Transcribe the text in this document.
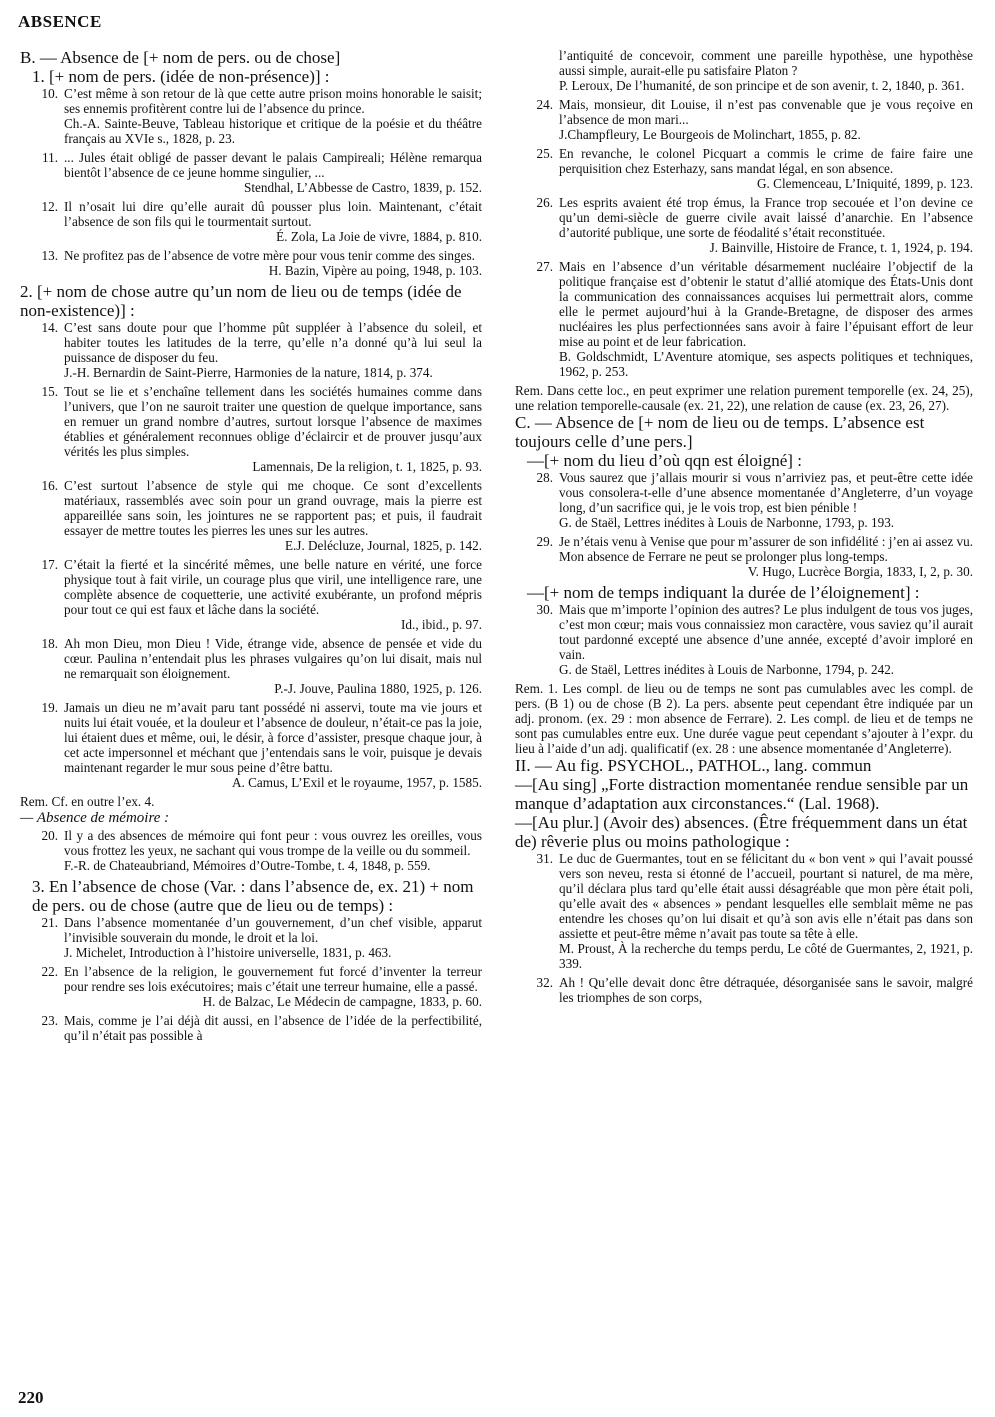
ABSENCE

B. — Absence de [+ nom de pers. ou de chose]

1. [+ nom de pers. (idée de non-présence)] :

10. C’est même à son retour de là que cette autre prison moins honorable le saisit; ses ennemis profitèrent contre lui de l’absence du prince.
Ch.-A. Sainte-Beuve, Tableau historique et critique de la poésie et du théâtre français au XVIe s., 1828, p. 23.
11. ... Jules était obligé de passer devant le palais Campireali; Hélène remarqua bientôt l’absence de ce jeune homme singulier, ...
Stendhal, L’Abbesse de Castro, 1839, p. 152.
12. Il n’osait lui dire qu’elle aurait dû pousser plus loin. Maintenant, c’était l’absence de son fils qui le tourmentait surtout.
É. Zola, La Joie de vivre, 1884, p. 810.
13. Ne profitez pas de l’absence de votre mère pour vous tenir comme des singes.
H. Bazin, Vipère au poing, 1948, p. 103.

2. [+ nom de chose autre qu’un nom de lieu ou de temps (idée de non-existence)] :

14. C’est sans doute pour que l’homme pût suppléer à l’absence du soleil, et habiter toutes les latitudes de la terre, qu’elle n’a donné qu’à lui seul la puissance de disposer du feu.
J.-H. Bernardin de Saint-Pierre, Harmonies de la nature, 1814, p. 374.
15. Tout se lie et s’enchaîne tellement dans les sociétés humaines comme dans l’univers, que l’on ne sauroit traiter une question de quelque importance, sans en remuer un grand nombre d’autres, surtout lorsque l’absence de maximes établies et généralement reconnues oblige d’éclaircir et de prouver jusqu’aux vérités les plus simples.
Lamennais, De la religion, t. 1, 1825, p. 93.
16. C’est surtout l’absence de style qui me choque. Ce sont d’excellents matériaux, rassemblés avec soin pour un grand ouvrage, mais la pierre est appareillée sans soin, les jointures ne se rapportent pas; et puis, il faudrait essayer de mettre toutes les pierres les unes sur les autres.
E.J. Delécluze, Journal, 1825, p. 142.
17. C’était la fierté et la sincérité mêmes, une belle nature en vérité, une force physique tout à fait virile, un courage plus que viril, une intelligence rare, une complète absence de coquetterie, une activité exubérante, un profond mépris pour tout ce qui est faux et lâche dans la société.
Id., ibid., p. 97.
18. Ah mon Dieu, mon Dieu ! Vide, étrange vide, absence de pensée et vide du cœur. Paulina n’entendait plus les phrases vulgaires qu’on lui disait, mais nul ne remarquait son éloignement.
P.-J. Jouve, Paulina 1880, 1925, p. 126.
19. Jamais un dieu ne m’avait paru tant possédé ni asservi, toute ma vie jours et nuits lui était vouée, et la douleur et l’absence de douleur, n’était-ce pas la joie, lui étaient dues et même, oui, le désir, à force d’assister, presque chaque jour, à cet acte impersonnel et méchant que j’entendais sans le voir, puisque je devais maintenant regarder le mur sous peine d’être battu.
A. Camus, L’Exil et le royaume, 1957, p. 1585.

Rem. Cf. en outre l’ex. 4.

— Absence de mémoire :

20. Il y a des absences de mémoire qui font peur : vous ouvrez les oreilles, vous vous frottez les yeux, ne sachant qui vous trompe de la veille ou du sommeil.
F.-R. de Chateaubriand, Mémoires d’Outre-Tombe, t. 4, 1848, p. 559.

3. En l’absence de chose (Var. : dans l’absence de, ex. 21) + nom de pers. ou de chose (autre que de lieu ou de temps) :

21. Dans l’absence momentanée d’un gouvernement, d’un chef visible, apparut l’invisible souverain du monde, le droit et la loi.
J. Michelet, Introduction à l’histoire universelle, 1831, p. 463.
22. En l’absence de la religion, le gouvernement fut forcé d’inventer la terreur pour rendre ses lois exécutoires; mais c’était une terreur humaine, elle a passé.
H. de Balzac, Le Médecin de campagne, 1833, p. 60.
23. Mais, comme je l’ai déjà dit aussi, en l’absence de l’idée de la perfectibilité, qu’il n’était pas possible à
l’antiquité de concevoir, comment une pareille hypothèse, une hypothèse aussi simple, aurait-elle pu satisfaire Platon ?
P. Leroux, De l’humanité, de son principe et de son avenir, t. 2, 1840, p. 361.
24. Mais, monsieur, dit Louise, il n’est pas convenable que je vous reçoive en l’absence de mon mari...
J.Champfleury, Le Bourgeois de Molinchart, 1855, p. 82.
25. En revanche, le colonel Picquart a commis le crime de faire faire une perquisition chez Esterhazy, sans mandat légal, en son absence.
G. Clemenceau, L’Iniquité, 1899, p. 123.
26. Les esprits avaient été trop émus, la France trop secouée et l’on devine ce qu’un demi-siècle de guerre civile avait laissé d’anarchie. En l’absence d’autorité publique, une sorte de féodalité s’était reconstituée.
J. Bainville, Histoire de France, t. 1, 1924, p. 194.
27. Mais en l’absence d’un véritable désarmement nucléaire l’objectif de la politique française est d’obtenir le statut d’allié atomique des États-Unis dont la communication des connaissances acquises lui permettrait alors, comme elle le permet aujourd’hui à la Grande-Bretagne, de disposer des armes nucléaires les plus perfectionnées sans avoir à faire l’épuisant effort de leur mise au point et de leur fabrication.
B. Goldschmidt, L’Aventure atomique, ses aspects politiques et techniques, 1962, p. 253.

Rem. Dans cette loc., en peut exprimer une relation purement temporelle (ex. 24, 25), une relation temporelle-causale (ex. 21, 22), une relation de cause (ex. 23, 26, 27).

C. — Absence de [+ nom de lieu ou de temps. L’absence est toujours celle d’une pers.]

—[+ nom du lieu d’où qqn est éloigné] :

28. Vous saurez que j’allais mourir si vous n’arriviez pas, et peut-être cette idée vous consolera-t-elle d’une absence momentanée d’Angleterre, d’un voyage long, d’un sacrifice qui, je le vois trop, est bien pénible !
G. de Staël, Lettres inédites à Louis de Narbonne, 1793, p. 193.
29. Je n’étais venu à Venise que pour m’assurer de son infidélité : j’en ai assez vu. Mon absence de Ferrare ne peut se prolonger plus long-temps.
V. Hugo, Lucrèce Borgia, 1833, I, 2, p. 30.

—[+ nom de temps indiquant la durée de l’éloignement] :

30. Mais que m’importe l’opinion des autres? Le plus indulgent de tous vos juges, c’est mon cœur; mais vous connaissiez mon caractère, vous saviez qu’il aurait tout pardonné excepté une absence d’une année, excepté d’avoir imploré en vain.
G. de Staël, Lettres inédites à Louis de Narbonne, 1794, p. 242.

Rem. 1. Les compl. de lieu ou de temps ne sont pas cumulables avec les compl. de pers. (B 1) ou de chose (B 2). La pers. absente peut cependant être indiquée par un adj. pronom. (ex. 29 : mon absence de Ferrare). 2. Les compl. de lieu et de temps ne sont pas cumulables entre eux. Une durée vague peut cependant s’ajouter à l’expr. du lieu à l’aide d’un adj. qualificatif (ex. 28 : une absence momentanée d’Angleterre).

II. — Au fig. PSYCHOL., PATHOL., lang. commun

—[Au sing] „Forte distraction momentanée rendue sensible par un manque d’adaptation aux circonstances.“ (Lal. 1968).

—[Au plur.] (Avoir des) absences. (Être fréquemment dans un état de) rêverie plus ou moins pathologique :

31. Le duc de Guermantes, tout en se félicitant du « bon vent » qui l’avait poussé vers son neveu, resta si étonné de l’accueil, pourtant si naturel, de ma mère, qu’il déclara plus tard qu’elle était aussi désagréable que mon père était poli, qu’elle avait des « absences » pendant lesquelles elle semblait même ne pas entendre les choses qu’on lui disait et qu’à son avis elle n’était pas dans son assiette et peut-être même n’avait pas toute sa tête à elle.
M. Proust, À la recherche du temps perdu, Le côté de Guermantes, 2, 1921, p. 339.
32. Ah ! Qu’elle devait donc être détraquée, désorganisée sans le savoir, malgré les triomphes de son corps,
220
